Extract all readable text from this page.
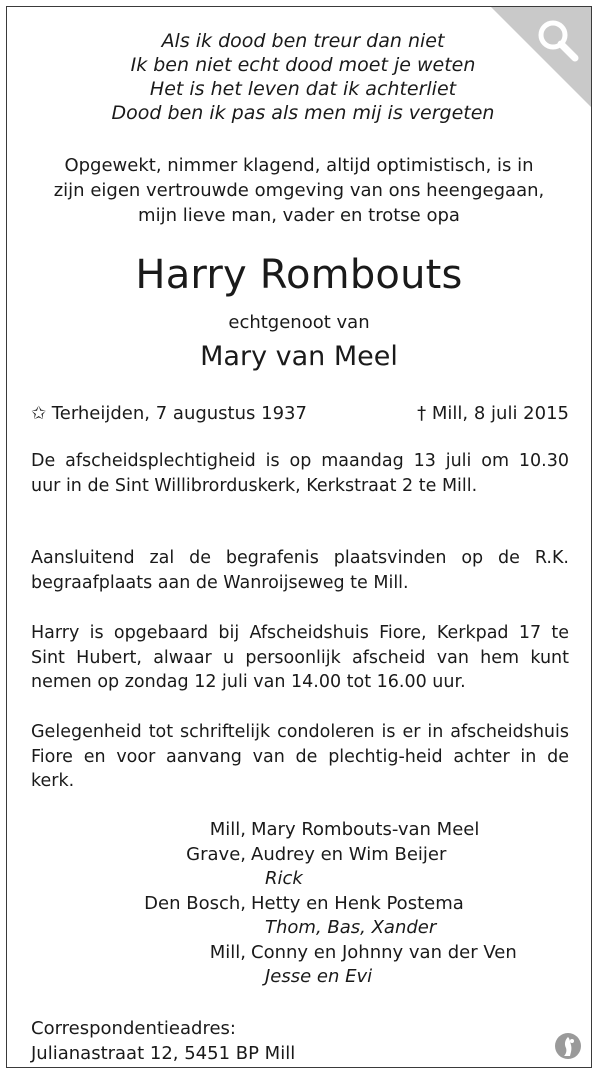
Als ik dood ben treur dan niet
Ik ben niet echt dood moet je weten
Het is het leven dat ik achterliet
Dood ben ik pas als men mij is vergeten
Opgewekt, nimmer klagend, altijd optimistisch, is in
zijn eigen vertrouwde omgeving van ons heengegaan,
mijn lieve man, vader en trotse opa
Harry Rombouts
echtgenoot van
Mary van Meel
✩ Terheijden, 7 augustus 1937	† Mill, 8 juli 2015
De afscheidsplechtigheid is op maandag 13 juli om 10.30 uur in de Sint Willibrorduskerk, Kerkstraat 2 te Mill.
Aansluitend zal de begrafenis plaatsvinden op de R.K. begraafplaats aan de Wanroijseweg te Mill.
Harry is opgebaard bij Afscheidshuis Fiore, Kerkpad 17 te Sint Hubert, alwaar u persoonlijk afscheid van hem kunt nemen op zondag 12 juli van 14.00 tot 16.00 uur.
Gelegenheid tot schriftelijk condoleren is er in afscheidshuis Fiore en voor aanvang van de plechtig-heid achter in de kerk.
Mill, Mary Rombouts-van Meel
Grave, Audrey en Wim Beijer
Rick
Den Bosch, Hetty en Henk Postema
Thom, Bas, Xander
Mill, Conny en Johnny van der Ven
Jesse en Evi
Correspondentieadres:
Julianastraat 12, 5451 BP Mill
